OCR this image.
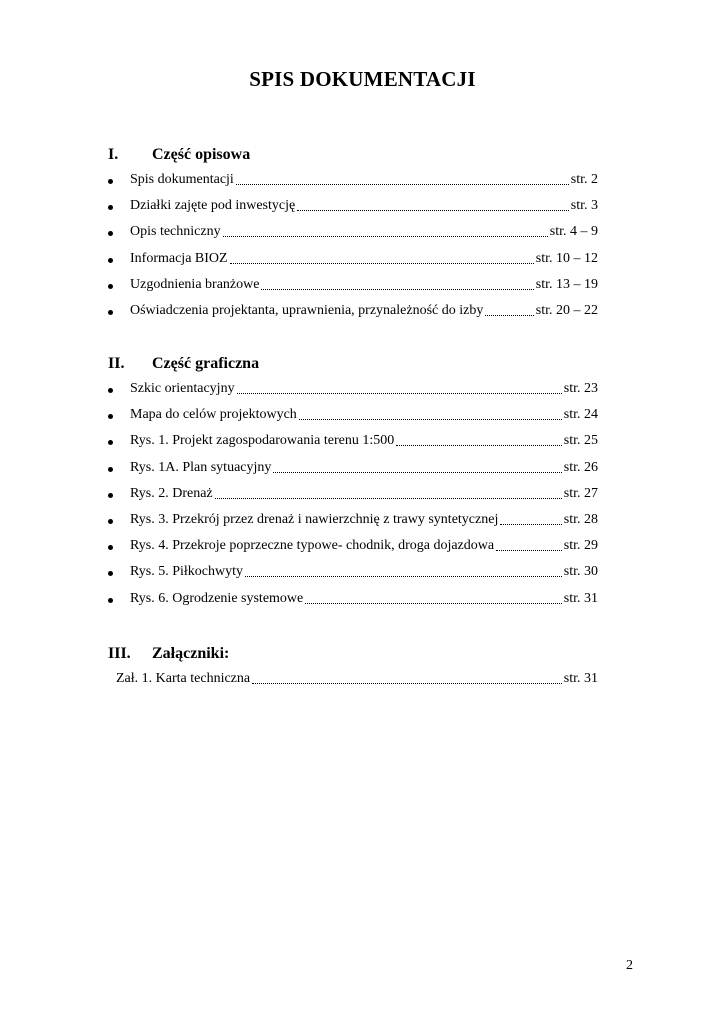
SPIS DOKUMENTACJI
I. Część opisowa
Spis dokumentacji	str. 2
Działki zajęte pod inwestycję	str. 3
Opis techniczny	str. 4 – 9
Informacja BIOZ	str. 10 – 12
Uzgodnienia branżowe	str. 13 – 19
Oświadczenia projektanta, uprawnienia, przynależność do izby	str. 20 – 22
II. Część graficzna
Szkic orientacyjny	str. 23
Mapa do celów projektowych	str. 24
Rys. 1. Projekt zagospodarowania terenu 1:500	str. 25
Rys. 1A. Plan sytuacyjny	str. 26
Rys. 2. Drenaż	str. 27
Rys. 3. Przekrój przez drenaż i nawierzchnię z trawy syntetycznej	str. 28
Rys. 4. Przekroje poprzeczne typowe- chodnik, droga dojazdowa	str. 29
Rys. 5. Piłkochwyty	str. 30
Rys. 6. Ogrodzenie systemowe	str. 31
III. Załączniki:
Zał. 1. Karta techniczna	str. 31
2
